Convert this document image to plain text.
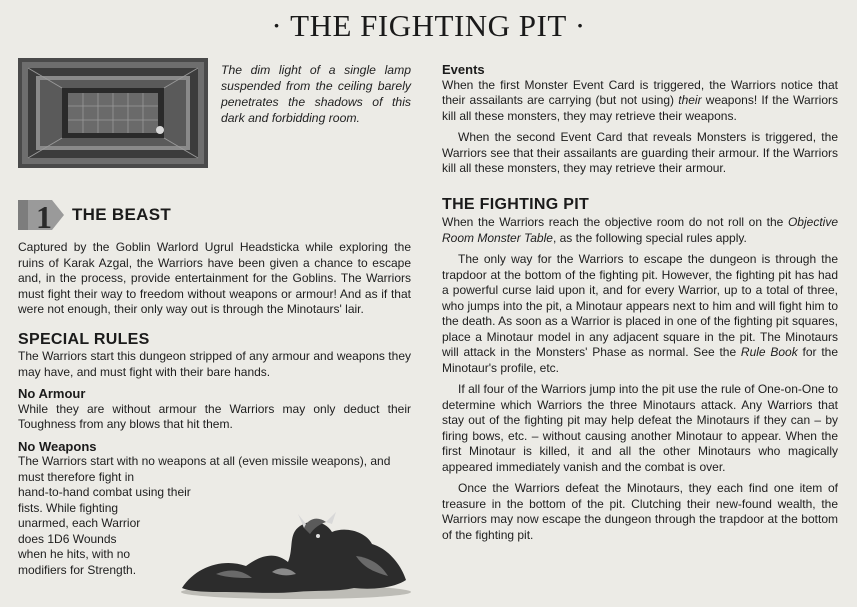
· THE FIGHTING PIT ·
The dim light of a single lamp suspended from the ceiling barely penetrates the shadows of this dark and forbidding room.
1 THE BEAST

Captured by the Goblin Warlord Ugrul Headsticka while exploring the ruins of Karak Azgal, the Warriors have been given a chance to escape and, in the process, provide entertainment for the Goblins. The Warriors must fight their way to freedom without weapons or armour! And as if that were not enough, their only way out is through the Minotaurs' lair.

SPECIAL RULES

The Warriors start this dungeon stripped of any armour and weapons they may have, and must fight with their bare hands.

No Armour

While they are without armour the Warriors may only deduct their Toughness from any blows that hit them.

No Weapons

The Warriors start with no weapons at all (even missile weapons), and must therefore fight in

hand-to-hand combat using their
fists. While fighting
unarmed, each Warrior
does 1D6 Wounds
when he hits, with no
modifiers for Strength.
Events

When the first Monster Event Card is triggered, the Warriors notice that their assailants are carrying (but not using) their weapons! If the Warriors kill all these monsters, they may retrieve their weapons.

When the second Event Card that reveals Monsters is triggered, the Warriors see that their assailants are guarding their armour. If the Warriors kill all these monsters, they may retrieve their armour.

THE FIGHTING PIT

When the Warriors reach the objective room do not roll on the Objective Room Monster Table, as the following special rules apply.

The only way for the Warriors to escape the dungeon is through the trapdoor at the bottom of the fighting pit. However, the fighting pit has had a powerful curse laid upon it, and for every Warrior, up to a total of three, who jumps into the pit, a Minotaur appears next to him and will fight him to the death. As soon as a Warrior is placed in one of the fighting pit squares, place a Minotaur model in any adjacent square in the pit. The Minotaurs will attack in the Monsters' Phase as normal. See the Rule Book for the Minotaur's profile, etc.

If all four of the Warriors jump into the pit use the rule of One-on-One to determine which Warriors the three Minotaurs attack. Any Warriors that stay out of the fighting pit may help defeat the Minotaurs if they can – by firing bows, etc. – without causing another Minotaur to appear. When the first Minotaur is killed, it and all the other Minotaurs who magically appeared immediately vanish and the combat is over.

Once the Warriors defeat the Minotaurs, they each find one item of treasure in the bottom of the pit. Clutching their new-found wealth, the Warriors may now escape the dungeon through the trapdoor at the bottom of the fighting pit.
